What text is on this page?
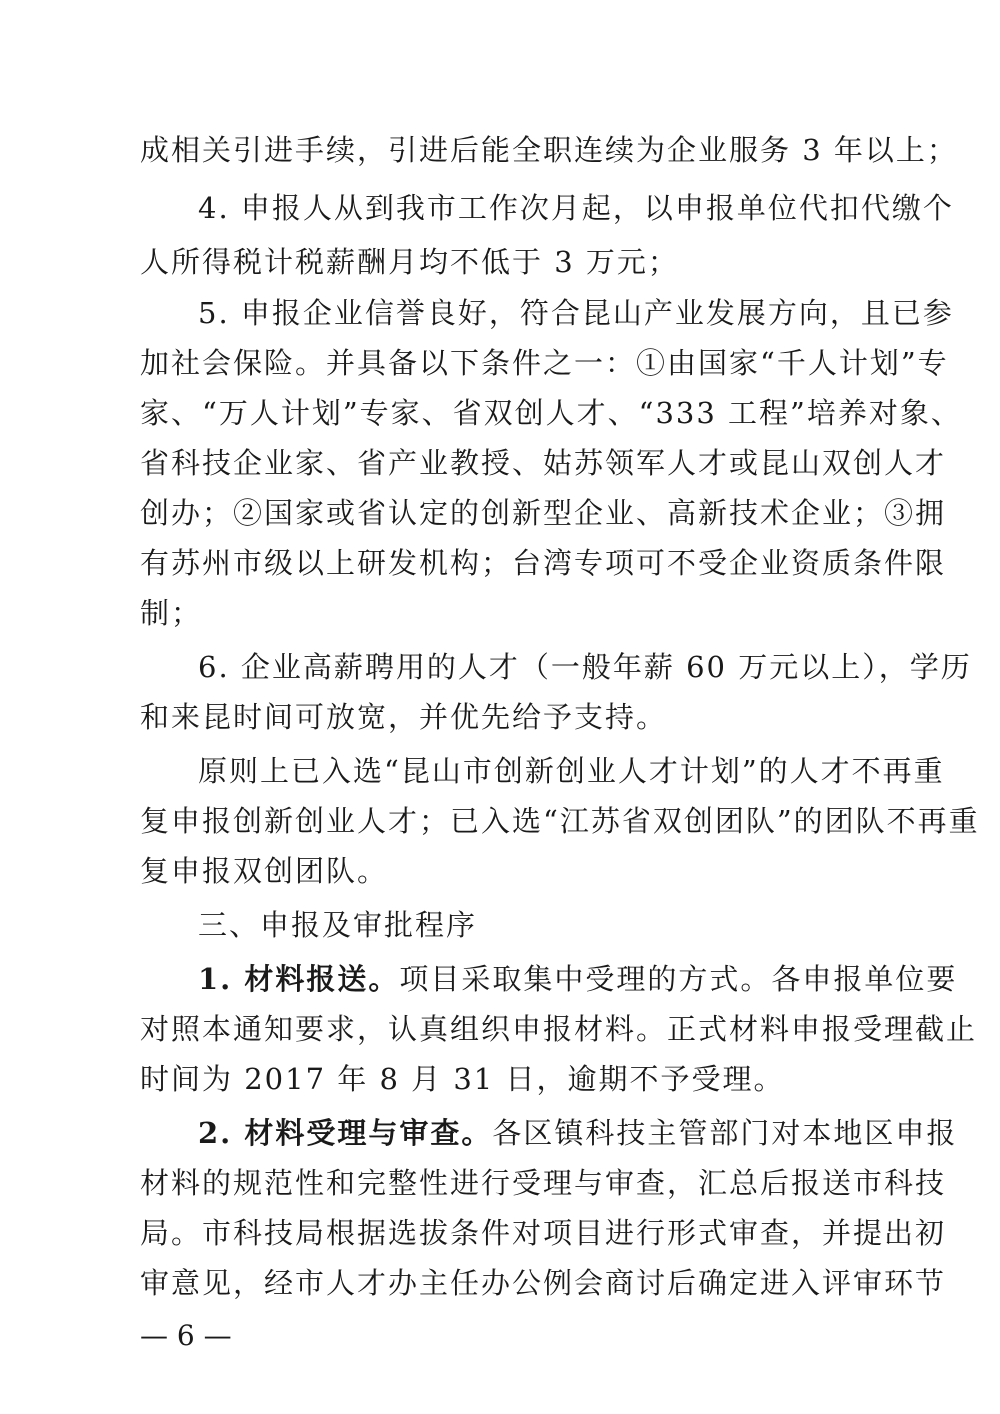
成相关引进手续，引进后能全职连续为企业服务 3 年以上；
4. 申报人从到我市工作次月起，以申报单位代扣代缴个
人所得税计税薪酬月均不低于 3 万元；
5. 申报企业信誉良好，符合昆山产业发展方向，且已参
加社会保险。并具备以下条件之一：①由国家“千人计划”专
家、“万人计划”专家、省双创人才、“333 工程”培养对象、
省科技企业家、省产业教授、姑苏领军人才或昆山双创人才
创办；②国家或省认定的创新型企业、高新技术企业；③拥
有苏州市级以上研发机构；台湾专项可不受企业资质条件限
制；
6. 企业高薪聘用的人才（一般年薪 60 万元以上），学历
和来昆时间可放宽，并优先给予支持。
原则上已入选“昆山市创新创业人才计划”的人才不再重
复申报创新创业人才；已入选“江苏省双创团队”的团队不再重
复申报双创团队。
三、申报及审批程序
1. 材料报送。项目采取集中受理的方式。各申报单位要
对照本通知要求，认真组织申报材料。正式材料申报受理截止
时间为 2017 年 8 月 31 日，逾期不予受理。
2. 材料受理与审查。各区镇科技主管部门对本地区申报
材料的规范性和完整性进行受理与审查，汇总后报送市科技
局。市科技局根据选拔条件对项目进行形式审查，并提出初
审意见，经市人才办主任办公例会商讨后确定进入评审环节
— 6 —
